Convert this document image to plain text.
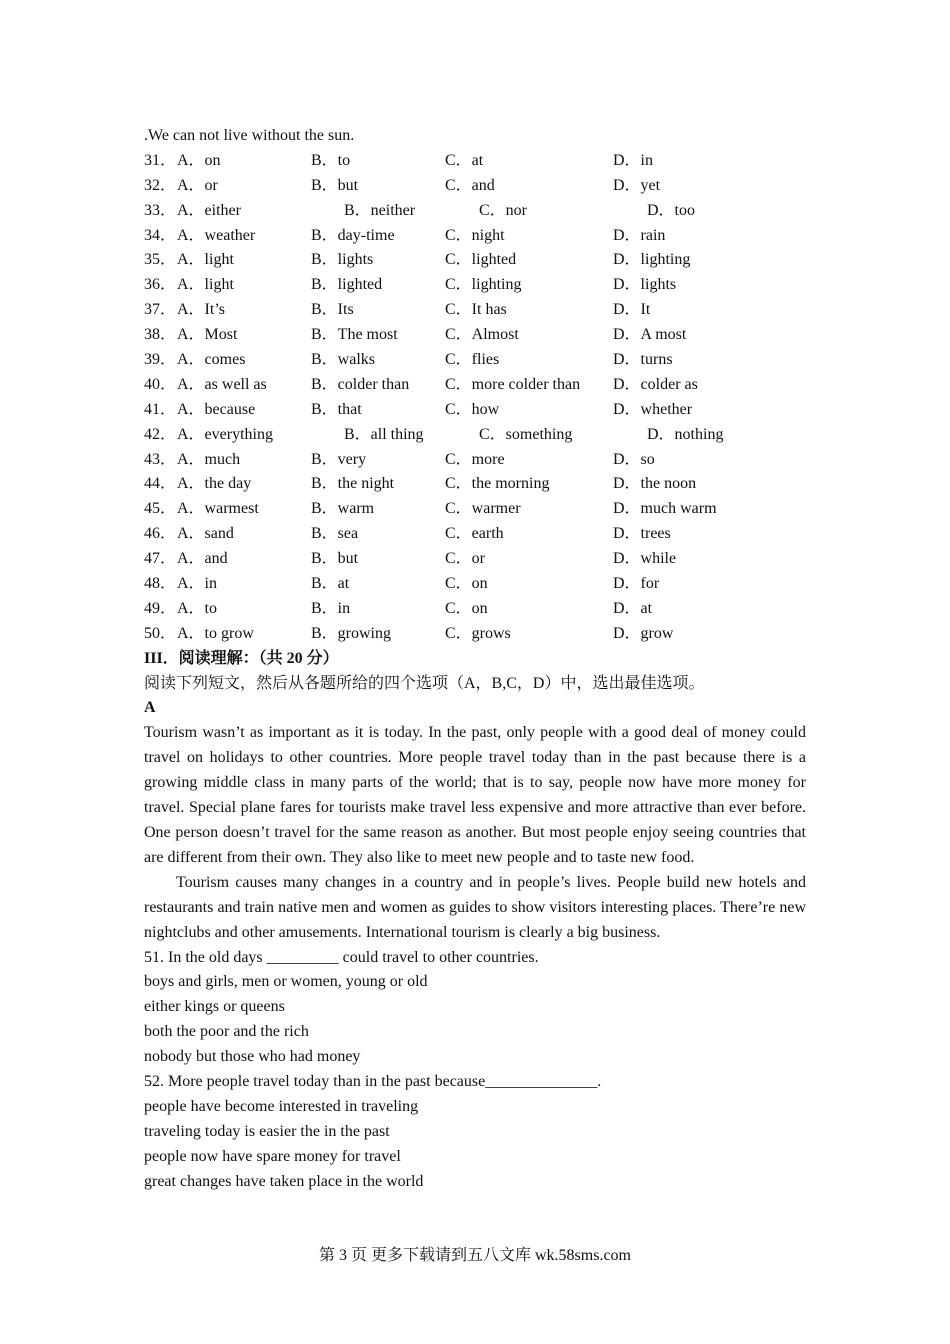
.We can not live without the sun.
31． A．on	B．to	C．at	D．in
32． A．or	B．but	C．and	D．yet
33． A．either	B．neither	C．nor	D．too
34． A．weather	B．day-time	C．night	D．rain
35． A．light	B．lights	C．lighted	D．lighting
36． A．light	B．lighted	C．lighting	D．lights
37． A．It’s	B．Its	C．It has	D．It
38． A．Most	B．The most	C．Almost	D．A most
39． A．comes	B．walks	C．flies	D．turns
40． A．as well as	B．colder than C．more colder than D．colder as
41． A．because	B．that	C．how	D．whether
42． A．everything	B．all thing	C．something	D．nothing
43． A．much	B．very	C．more	D．so
44． A．the day	B．the night	C．the morning	D．the noon
45． A．warmest	B．warm	C．warmer	D．much warm
46． A．sand	B．sea	C．earth	D．trees
47． A．and	B．but	C．or	D．while
48． A．in	B．at	C．on	D．for
49． A．to	B．in	C．on	D．at
50． A．to grow	B．growing	C．grows	D．grow
III．阅读理解：（共 20 分）
阅读下列短文，然后从各题所给的四个选项（A，B,C，D）中，选出最佳选项。
A

Tourism wasn’t as important as it is today. In the past, only people with a good deal of money could travel on holidays to other countries. More people travel today than in the past because there is a growing middle class in many parts of the world; that is to say, people now have more money for travel. Special plane fares for tourists make travel less expensive and more attractive than ever before. One person doesn’t travel for the same reason as another. But most people enjoy seeing countries that are different from their own. They also like to meet new people and to taste new food.

Tourism causes many changes in a country and in people’s lives. People build new hotels and restaurants and train native men and women as guides to show visitors interesting places. There’re new nightclubs and other amusements. International tourism is clearly a big business.

51. In the old days _________ could travel to other countries.
boys and girls, men or women, young or old
either kings or queens
both the poor and the rich
nobody but those who had money
52. More people travel today than in the past because______________.
people have become interested in traveling
traveling today is easier the in the past
people now have spare money for travel
great changes have taken place in the world
第 3 页 更多下载请到五八文库 wk.58sms.com
